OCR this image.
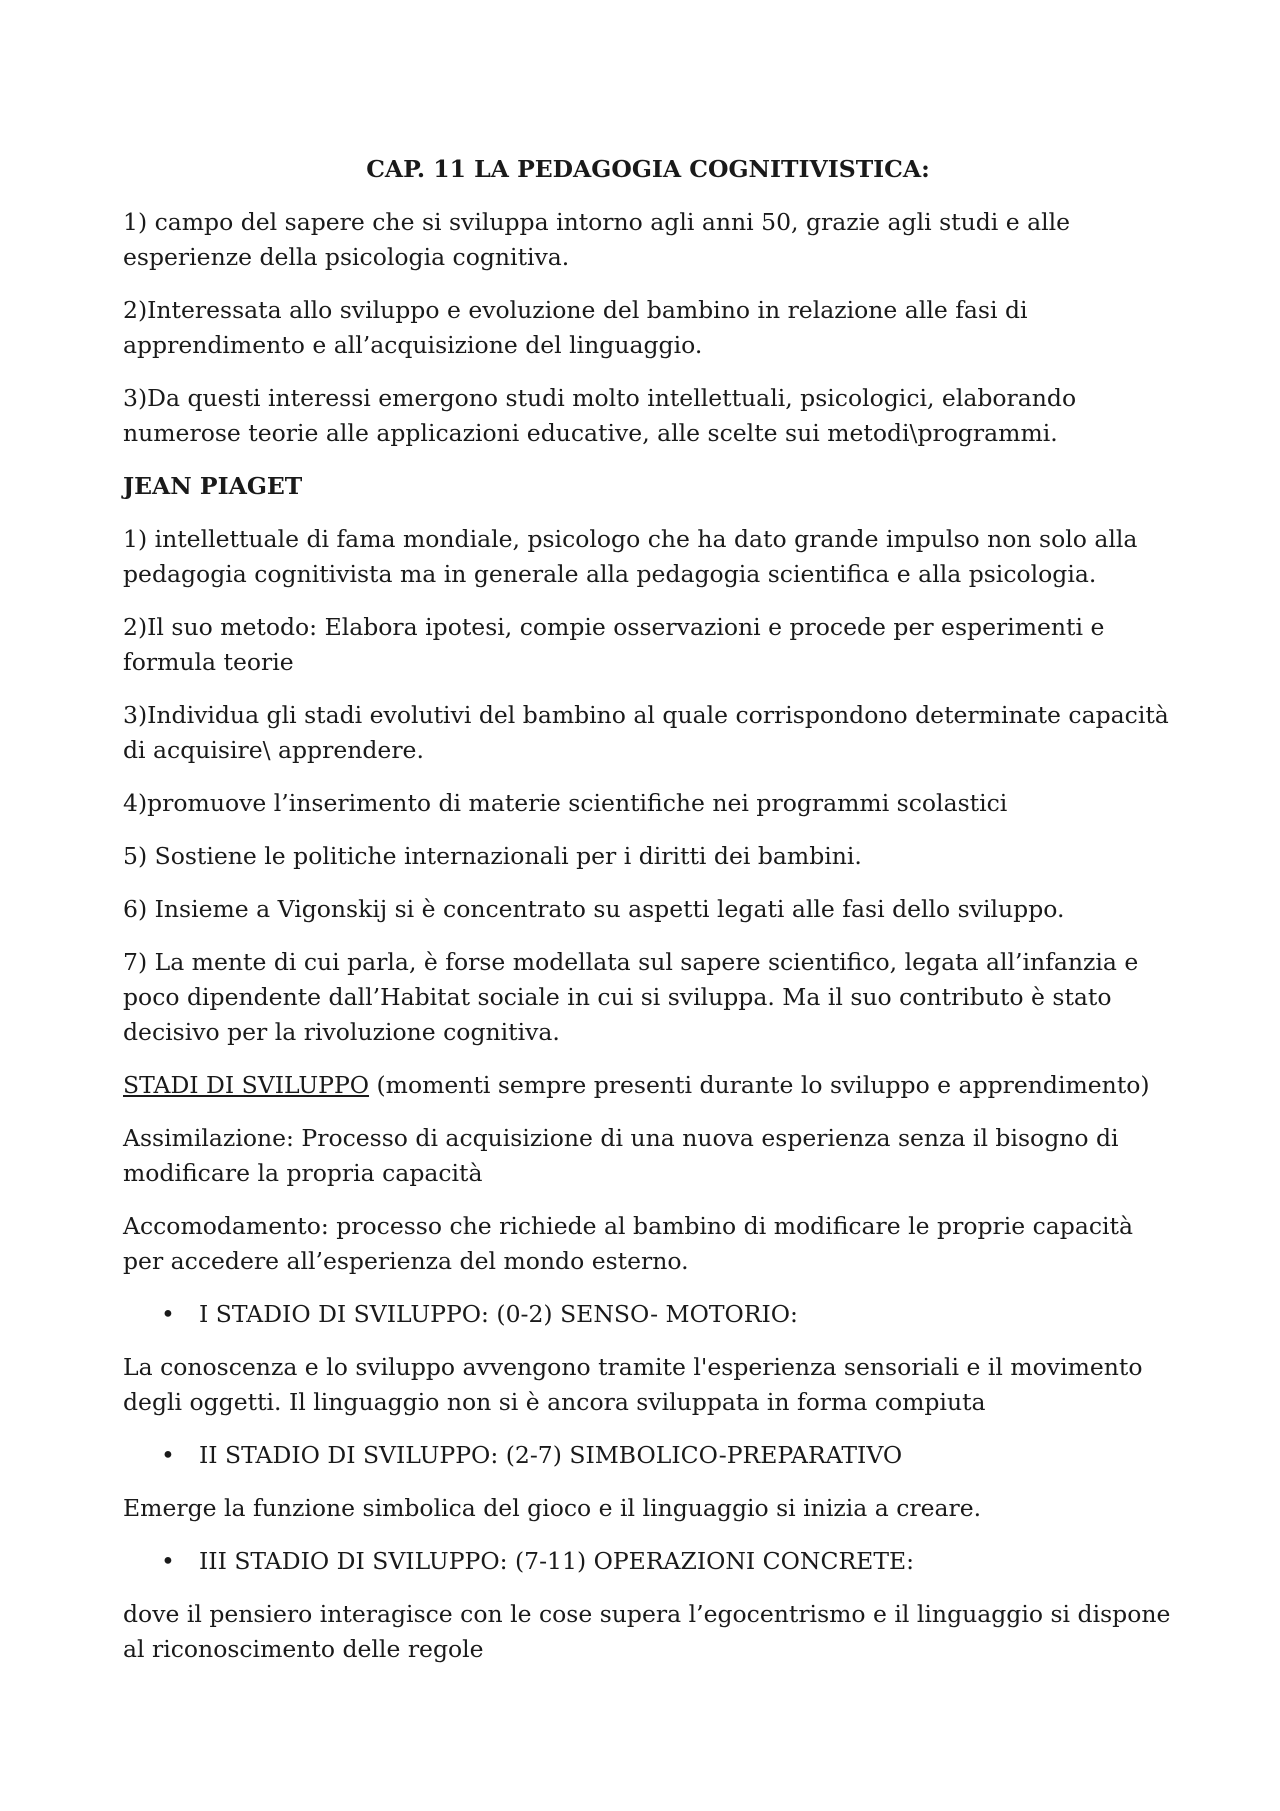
CAP. 11 LA PEDAGOGIA COGNITIVISTICA:

1) campo del sapere che si sviluppa intorno agli anni 50, grazie agli studi e alle esperienze della psicologia cognitiva.

2)Interessata allo sviluppo e evoluzione del bambino in relazione alle fasi di apprendimento e all’acquisizione del linguaggio.

3)Da questi interessi emergono studi molto intellettuali, psicologici, elaborando numerose teorie alle applicazioni educative, alle scelte sui metodi\programmi.

JEAN PIAGET

1) intellettuale di fama mondiale, psicologo che ha dato grande impulso non solo alla pedagogia cognitivista ma in generale alla pedagogia scientifica e alla psicologia.

2)Il suo metodo: Elabora ipotesi, compie osservazioni e procede per esperimenti e formula teorie

3)Individua gli stadi evolutivi del bambino al quale corrispondono determinate capacità di acquisire\ apprendere.

4)promuove l’inserimento di materie scientifiche nei programmi scolastici

5) Sostiene le politiche internazionali per i diritti dei bambini.

6) Insieme a Vigonskij si è concentrato su aspetti legati alle fasi dello sviluppo.

7) La mente di cui parla, è forse modellata sul sapere scientifico, legata all’infanzia e poco dipendente dall’Habitat sociale in cui si sviluppa. Ma il suo contributo è stato decisivo per la rivoluzione cognitiva.

STADI DI SVILUPPO (momenti sempre presenti durante lo sviluppo e apprendimento)

Assimilazione: Processo di acquisizione di una nuova esperienza senza il bisogno di modificare la propria capacità

Accomodamento: processo che richiede al bambino di modificare le proprie capacità per accedere all’esperienza del mondo esterno.

• I STADIO DI SVILUPPO: (0-2) SENSO- MOTORIO:

La conoscenza e lo sviluppo avvengono tramite l'esperienza sensoriali e il movimento degli oggetti. Il linguaggio non si è ancora sviluppata in forma compiuta

• II STADIO DI SVILUPPO: (2-7) SIMBOLICO-PREPARATIVO

Emerge la funzione simbolica del gioco e il linguaggio si inizia a creare.

• III STADIO DI SVILUPPO: (7-11) OPERAZIONI CONCRETE:

dove il pensiero interagisce con le cose supera l’egocentrismo e il linguaggio si dispone al riconoscimento delle regole
